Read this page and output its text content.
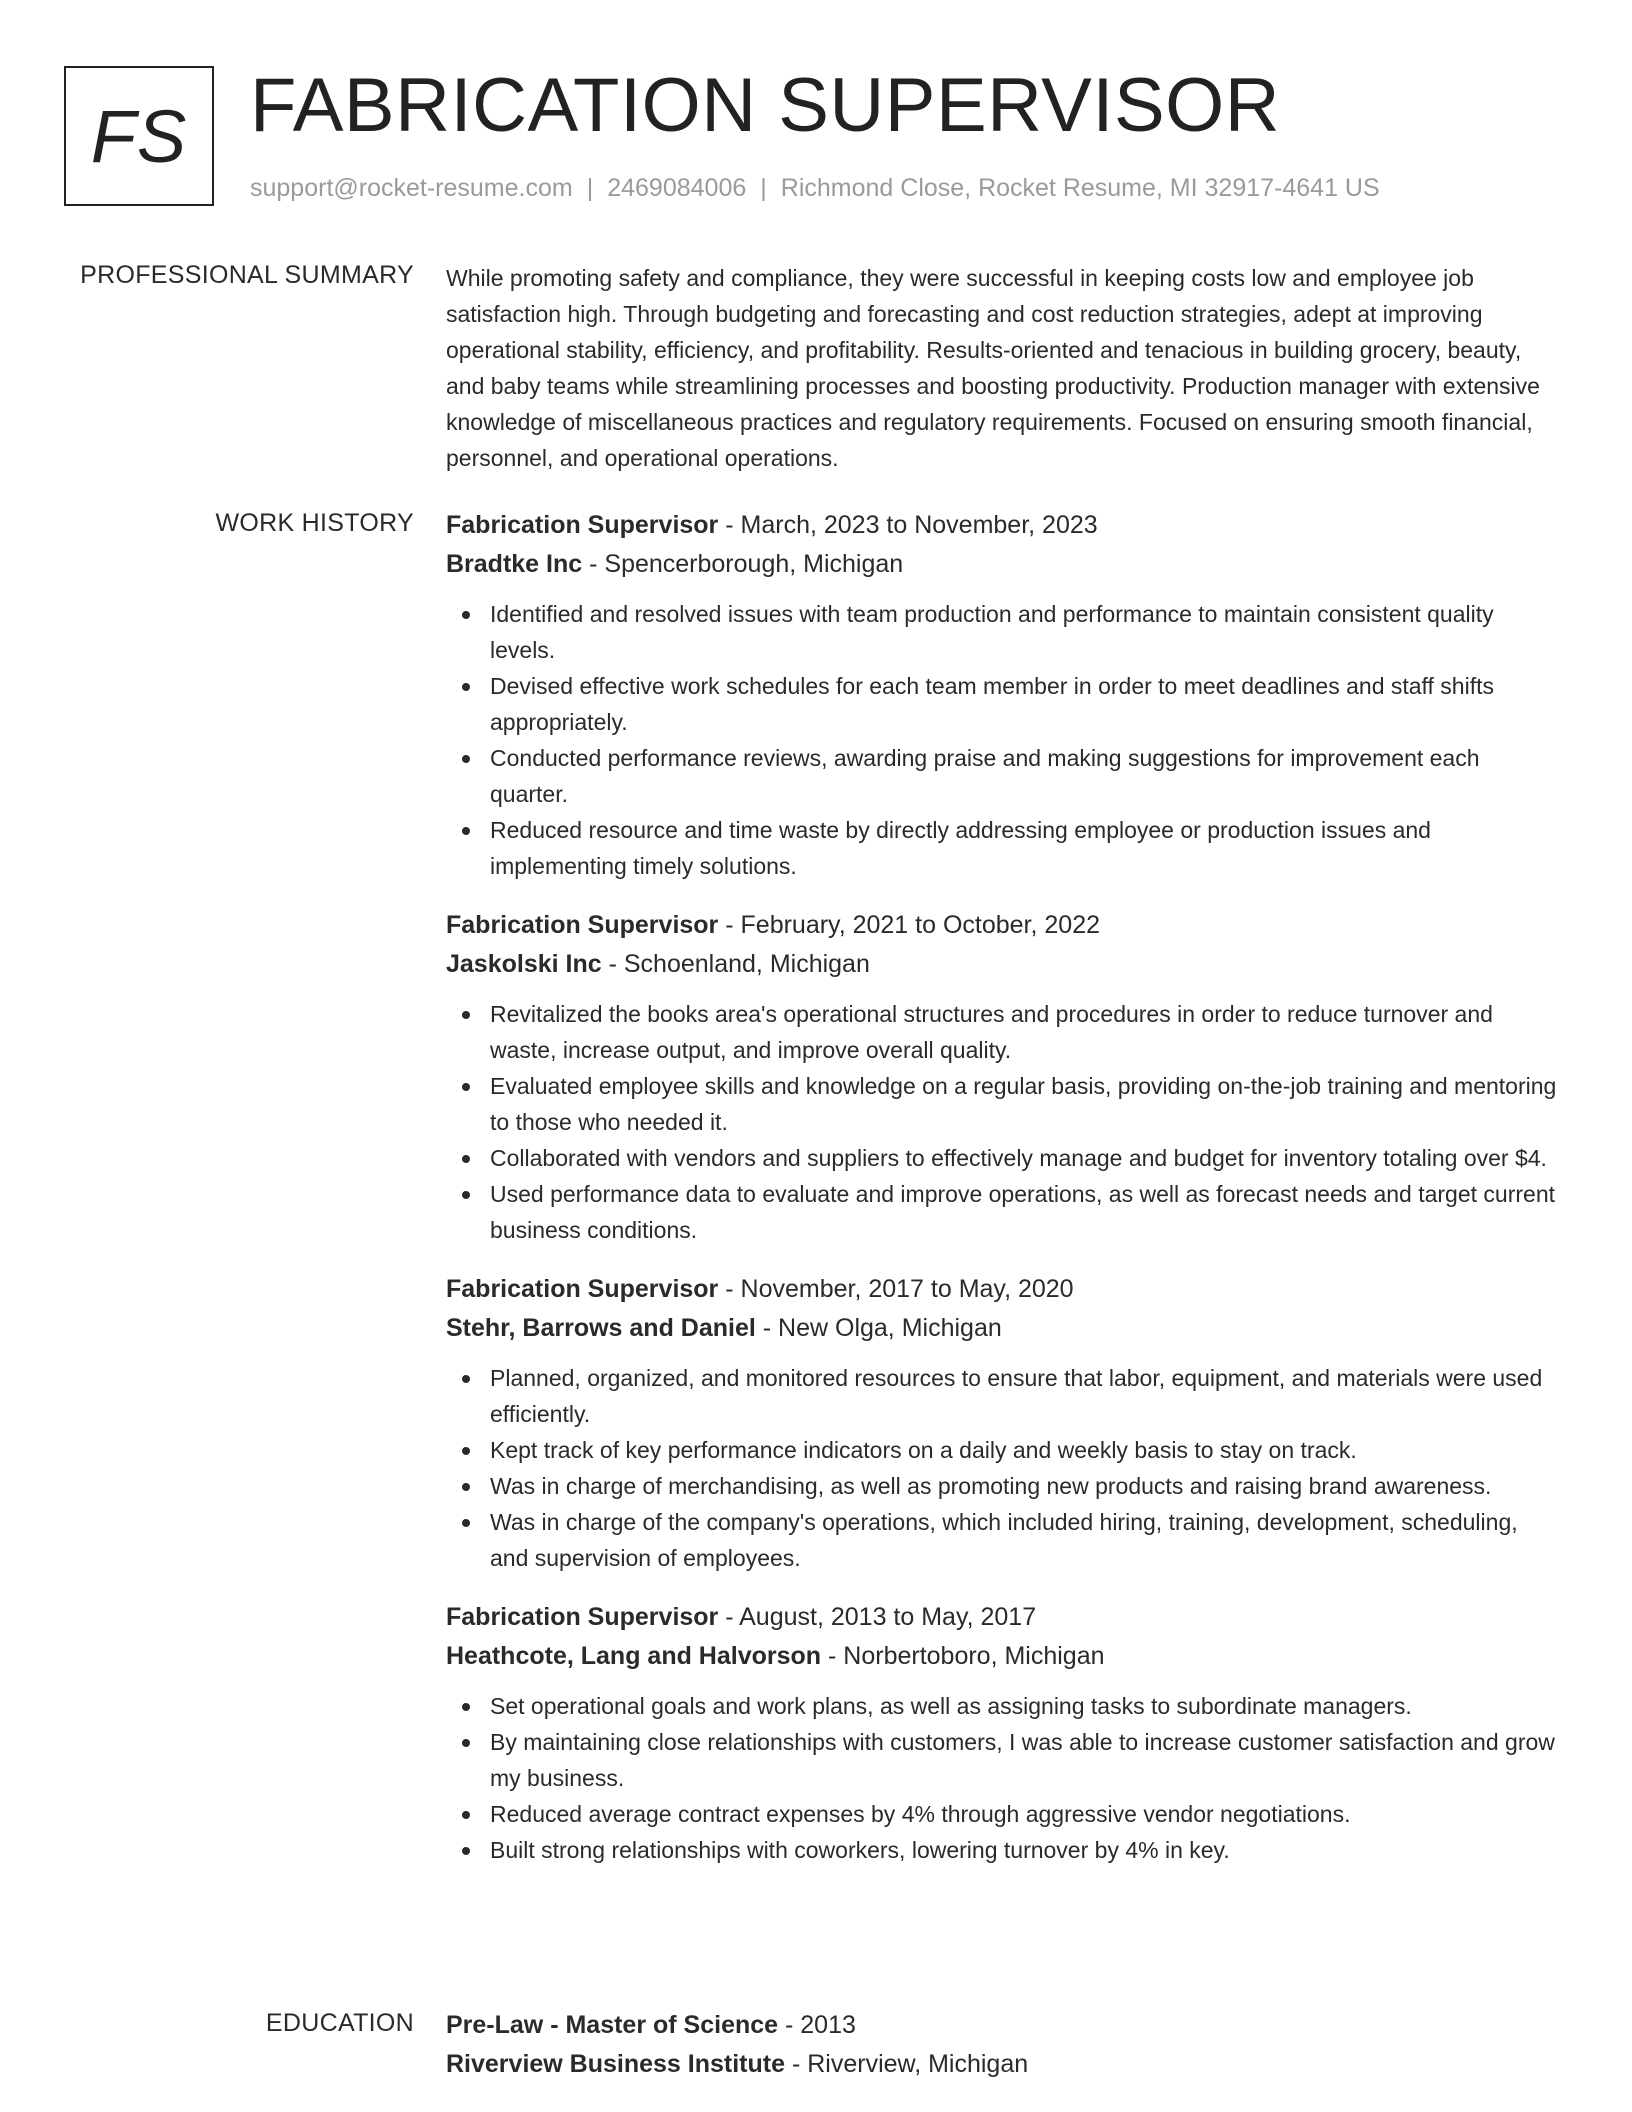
FS FABRICATION SUPERVISOR
support@rocket-resume.com | 2469084006 | Richmond Close, Rocket Resume, MI 32917-4641 US
PROFESSIONAL SUMMARY While promoting safety and compliance, they were successful in keeping costs low and employee job satisfaction high. Through budgeting and forecasting and cost reduction strategies, adept at improving operational stability, efficiency, and profitability. Results-oriented and tenacious in building grocery, beauty, and baby teams while streamlining processes and boosting productivity. Production manager with extensive knowledge of miscellaneous practices and regulatory requirements. Focused on ensuring smooth financial, personnel, and operational operations.

WORK HISTORY Fabrication Supervisor - March, 2023 to November, 2023
Bradtke Inc - Spencerborough, Michigan
Identified and resolved issues with team production and performance to maintain consistent quality levels.
Devised effective work schedules for each team member in order to meet deadlines and staff shifts appropriately.
Conducted performance reviews, awarding praise and making suggestions for improvement each quarter.
Reduced resource and time waste by directly addressing employee or production issues and implementing timely solutions.
Fabrication Supervisor - February, 2021 to October, 2022
Jaskolski Inc - Schoenland, Michigan
Revitalized the books area's operational structures and procedures in order to reduce turnover and waste, increase output, and improve overall quality.
Evaluated employee skills and knowledge on a regular basis, providing on-the-job training and mentoring to those who needed it.
Collaborated with vendors and suppliers to effectively manage and budget for inventory totaling over $4.
Used performance data to evaluate and improve operations, as well as forecast needs and target current business conditions.
Fabrication Supervisor - November, 2017 to May, 2020
Stehr, Barrows and Daniel - New Olga, Michigan
Planned, organized, and monitored resources to ensure that labor, equipment, and materials were used efficiently.
Kept track of key performance indicators on a daily and weekly basis to stay on track.
Was in charge of merchandising, as well as promoting new products and raising brand awareness.
Was in charge of the company's operations, which included hiring, training, development, scheduling, and supervision of employees.
Fabrication Supervisor - August, 2013 to May, 2017
Heathcote, Lang and Halvorson - Norbertoboro, Michigan
Set operational goals and work plans, as well as assigning tasks to subordinate managers.
By maintaining close relationships with customers, I was able to increase customer satisfaction and grow my business.
Reduced average contract expenses by 4% through aggressive vendor negotiations.
Built strong relationships with coworkers, lowering turnover by 4% in key.
EDUCATION Pre-Law - Master of Science - 2013
Riverview Business Institute - Riverview, Michigan
